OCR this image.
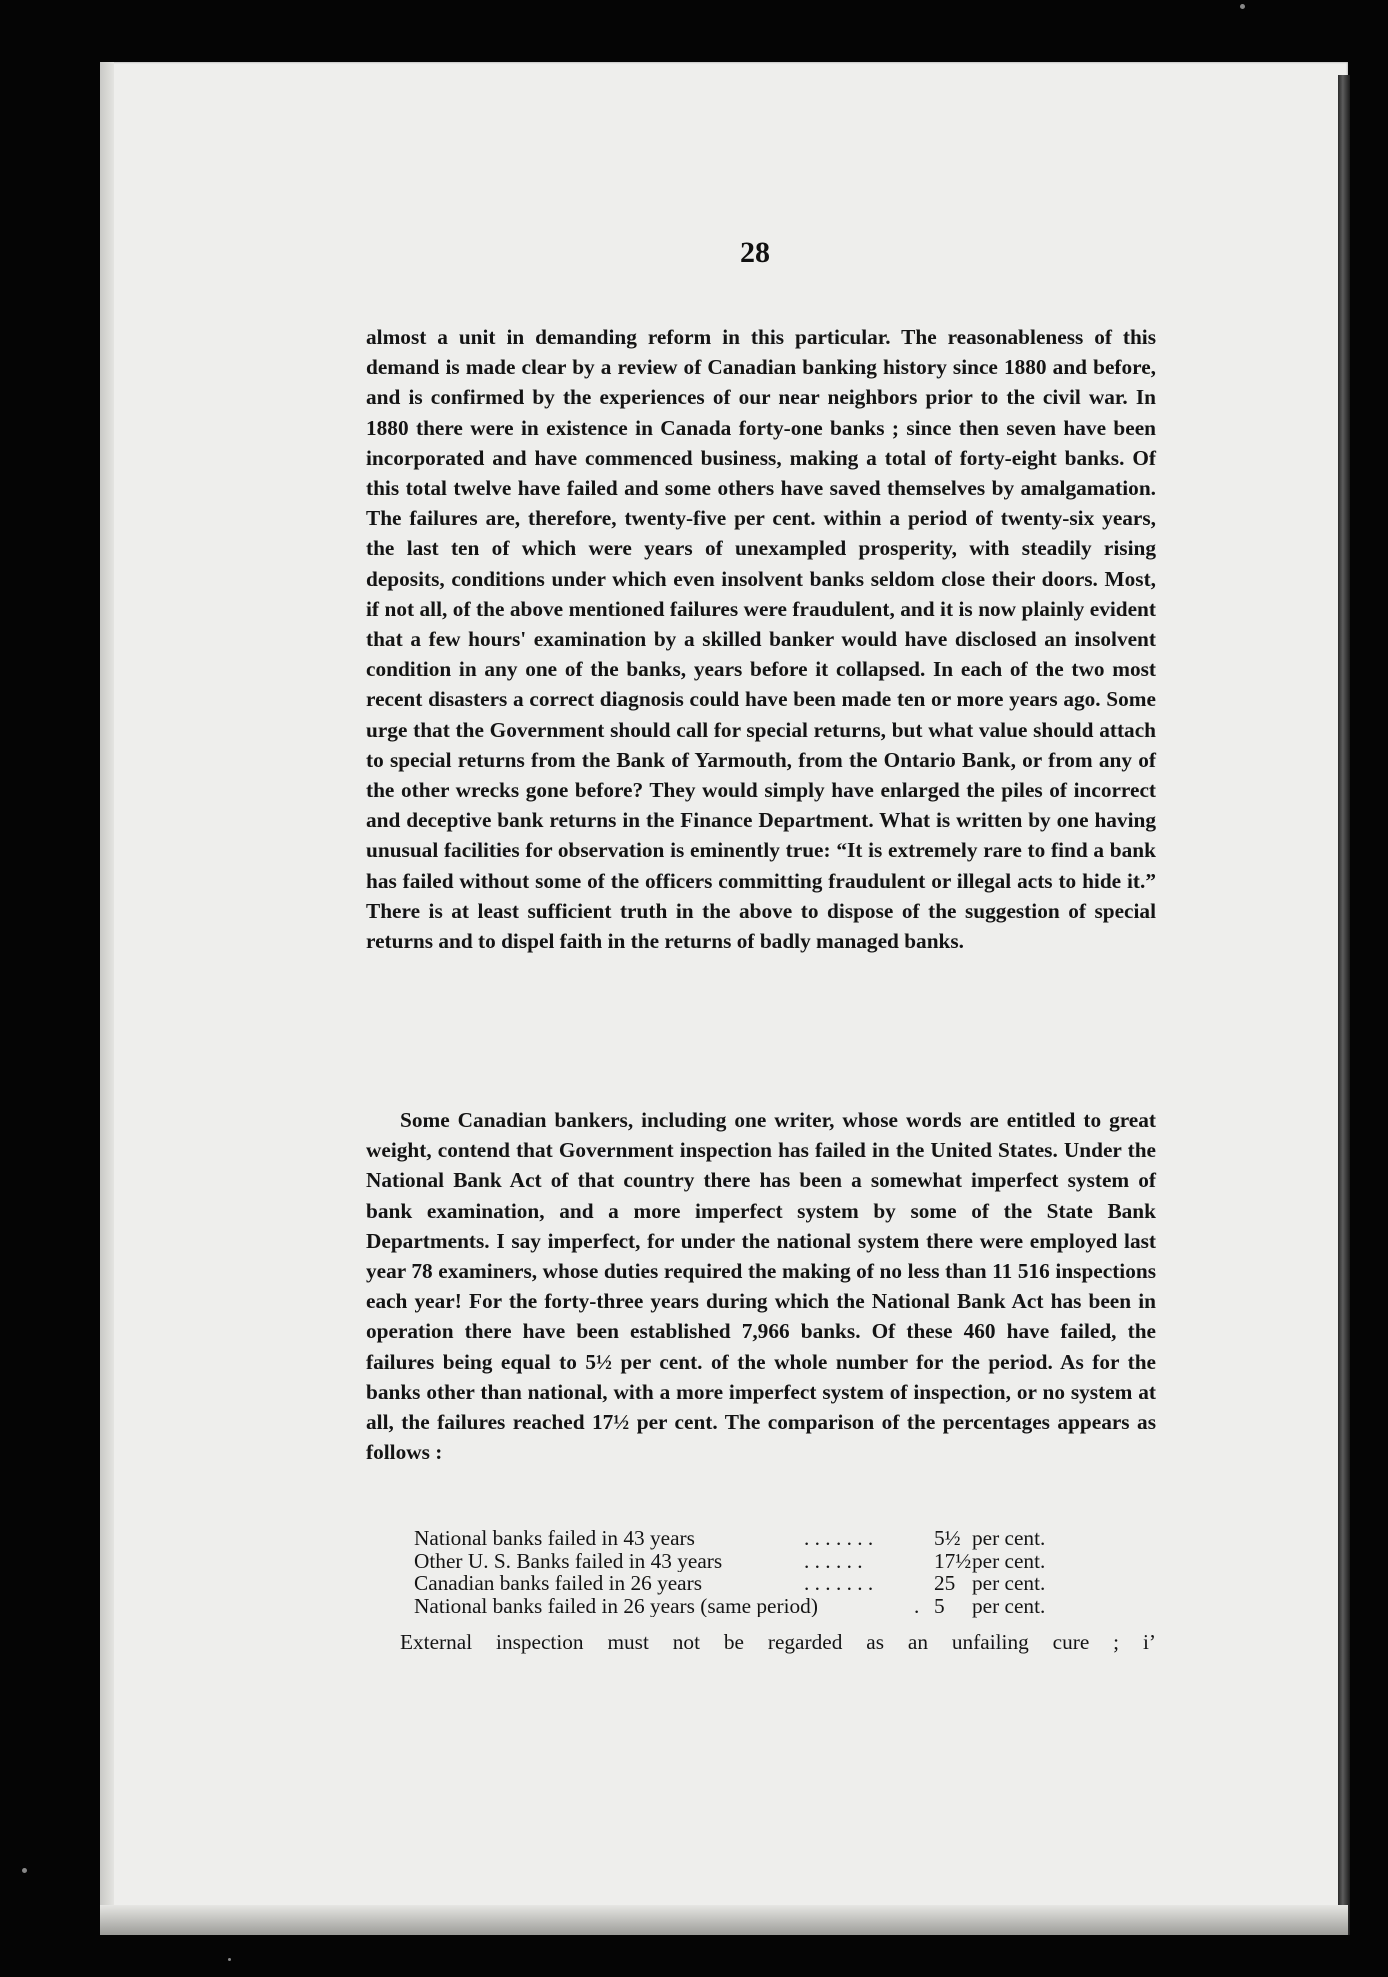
28

almost a unit in demanding reform in this particular. The reasonableness of this demand is made clear by a review of Canadian banking history since 1880 and before, and is confirmed by the experiences of our near neighbors prior to the civil war. In 1880 there were in existence in Canada forty-one banks ; since then seven have been incorporated and have commenced business, making a total of forty-eight banks. Of this total twelve have failed and some others have saved themselves by amalgamation. The failures are, therefore, twenty-five per cent. within a period of twenty-six years, the last ten of which were years of unexampled prosperity, with steadily rising deposits, conditions under which even insolvent banks seldom close their doors. Most, if not all, of the above mentioned failures were fraudulent, and it is now plainly evident that a few hours' examination by a skilled banker would have disclosed an insolvent condition in any one of the banks, years before it collapsed. In each of the two most recent disasters a correct diagnosis could have been made ten or more years ago. Some urge that the Government should call for special returns, but what value should attach to special returns from the Bank of Yarmouth, from the Ontario Bank, or from any of the other wrecks gone before? They would simply have enlarged the piles of incorrect and deceptive bank returns in the Finance Department. What is written by one having unusual facilities for observation is eminently true: “It is extremely rare to find a bank has failed without some of the officers committing fraudulent or illegal acts to hide it.” There is at least sufficient truth in the above to dispose of the suggestion of special returns and to dispel faith in the returns of badly managed banks.

Some Canadian bankers, including one writer, whose words are entitled to great weight, contend that Government inspection has failed in the United States. Under the National Bank Act of that country there has been a somewhat imperfect system of bank examination, and a more imperfect system by some of the State Bank Departments. I say imperfect, for under the national system there were employed last year 78 examiners, whose duties required the making of no less than 11 516 inspections each year! For the forty-three years during which the National Bank Act has been in operation there have been established 7,966 banks. Of these 460 have failed, the failures being equal to 5½ per cent. of the whole number for the period. As for the banks other than national, with a more imperfect system of inspection, or no system at all, the failures reached 17½ per cent. The comparison of the percentages appears as follows :
National banks failed in 43 years	. . . . . . .	5½ per cent.
Other U. S. Banks failed in 43 years	. . . . . .	17½ per cent.
Canadian banks failed in 26 years	. . . . . . .	25 per cent.
National banks failed in 26 years (same period)	. 5	per cent.
External inspection must not be regarded as an unfailing cure ; i’
